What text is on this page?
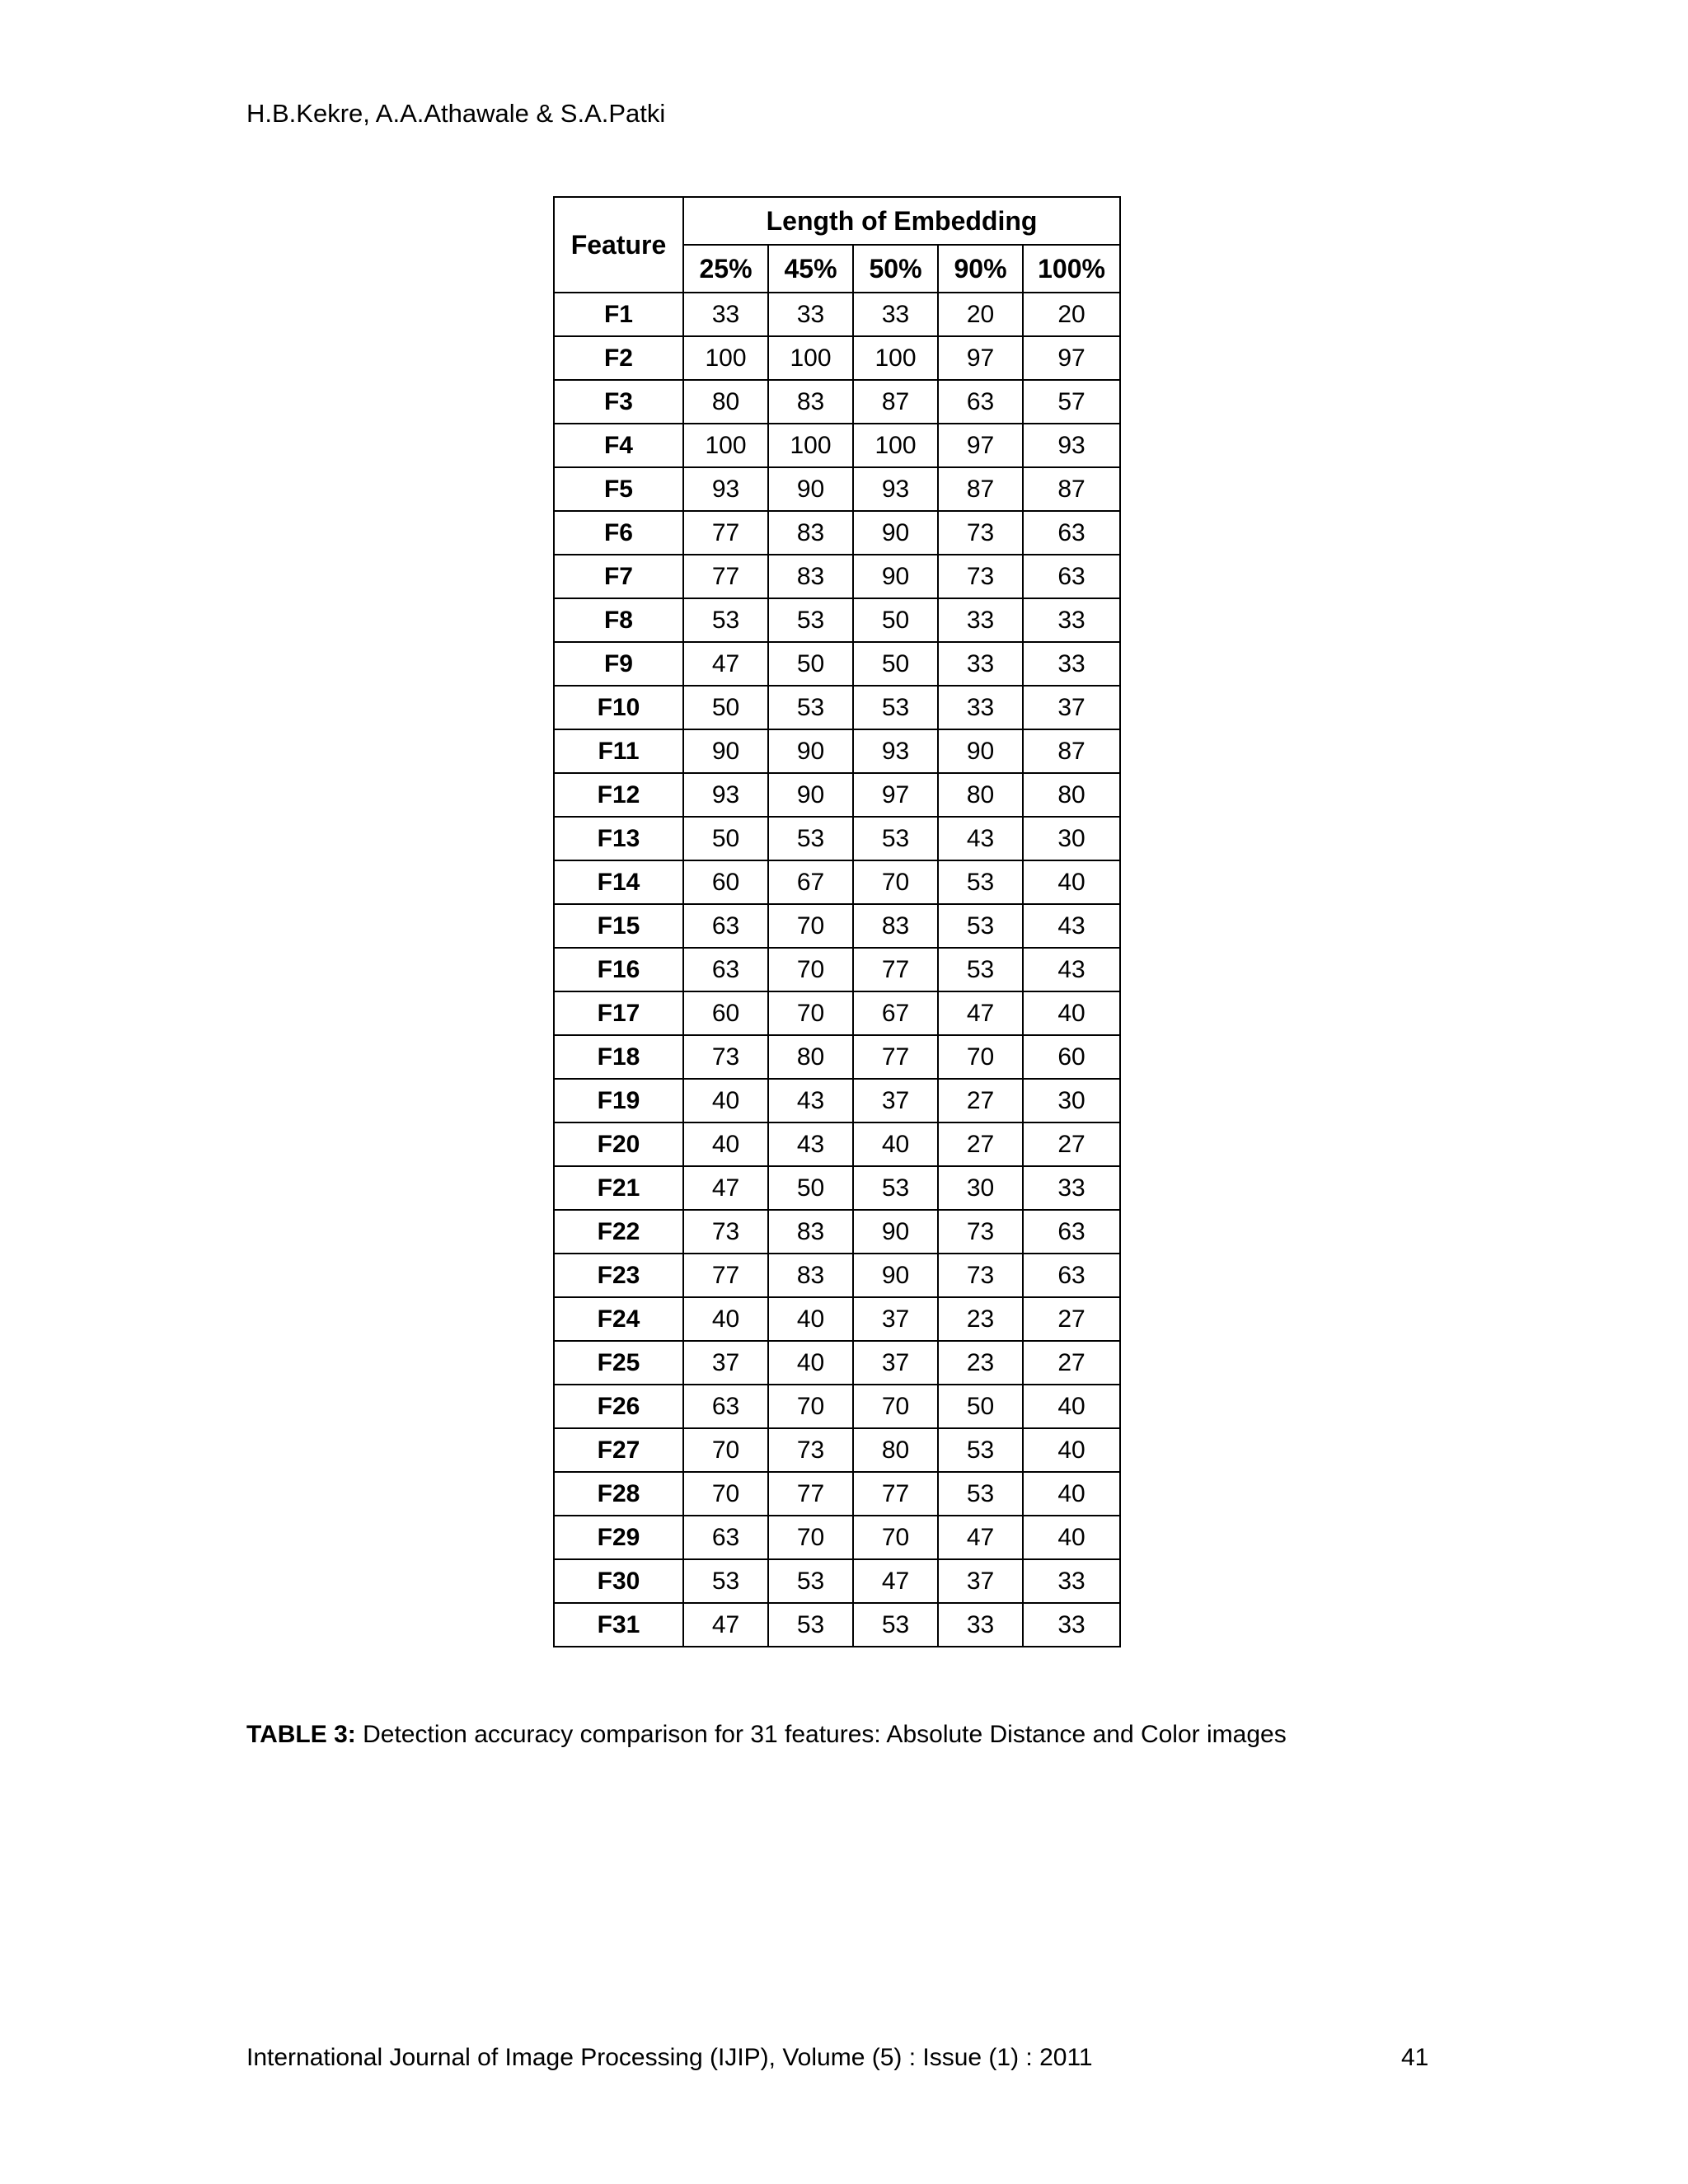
H.B.Kekre, A.A.Athawale & S.A.Patki
Feature	Length of Embedding				
	25%	45%	50%	90%	100%
F1	33	33	33	20	20
F2	100	100	100	97	97
F3	80	83	87	63	57
F4	100	100	100	97	93
F5	93	90	93	87	87
F6	77	83	90	73	63
F7	77	83	90	73	63
F8	53	53	50	33	33
F9	47	50	50	33	33
F10	50	53	53	33	37
F11	90	90	93	90	87
F12	93	90	97	80	80
F13	50	53	53	43	30
F14	60	67	70	53	40
F15	63	70	83	53	43
F16	63	70	77	53	43
F17	60	70	67	47	40
F18	73	80	77	70	60
F19	40	43	37	27	30
F20	40	43	40	27	27
F21	47	50	53	30	33
F22	73	83	90	73	63
F23	77	83	90	73	63
F24	40	40	37	23	27
F25	37	40	37	23	27
F26	63	70	70	50	40
F27	70	73	80	53	40
F28	70	77	77	53	40
F29	63	70	70	47	40
F30	53	53	47	37	33
F31	47	53	53	33	33
TABLE 3: Detection accuracy comparison for 31 features: Absolute Distance and Color images
International Journal of Image Processing (IJIP), Volume (5) : Issue (1) : 2011	41
